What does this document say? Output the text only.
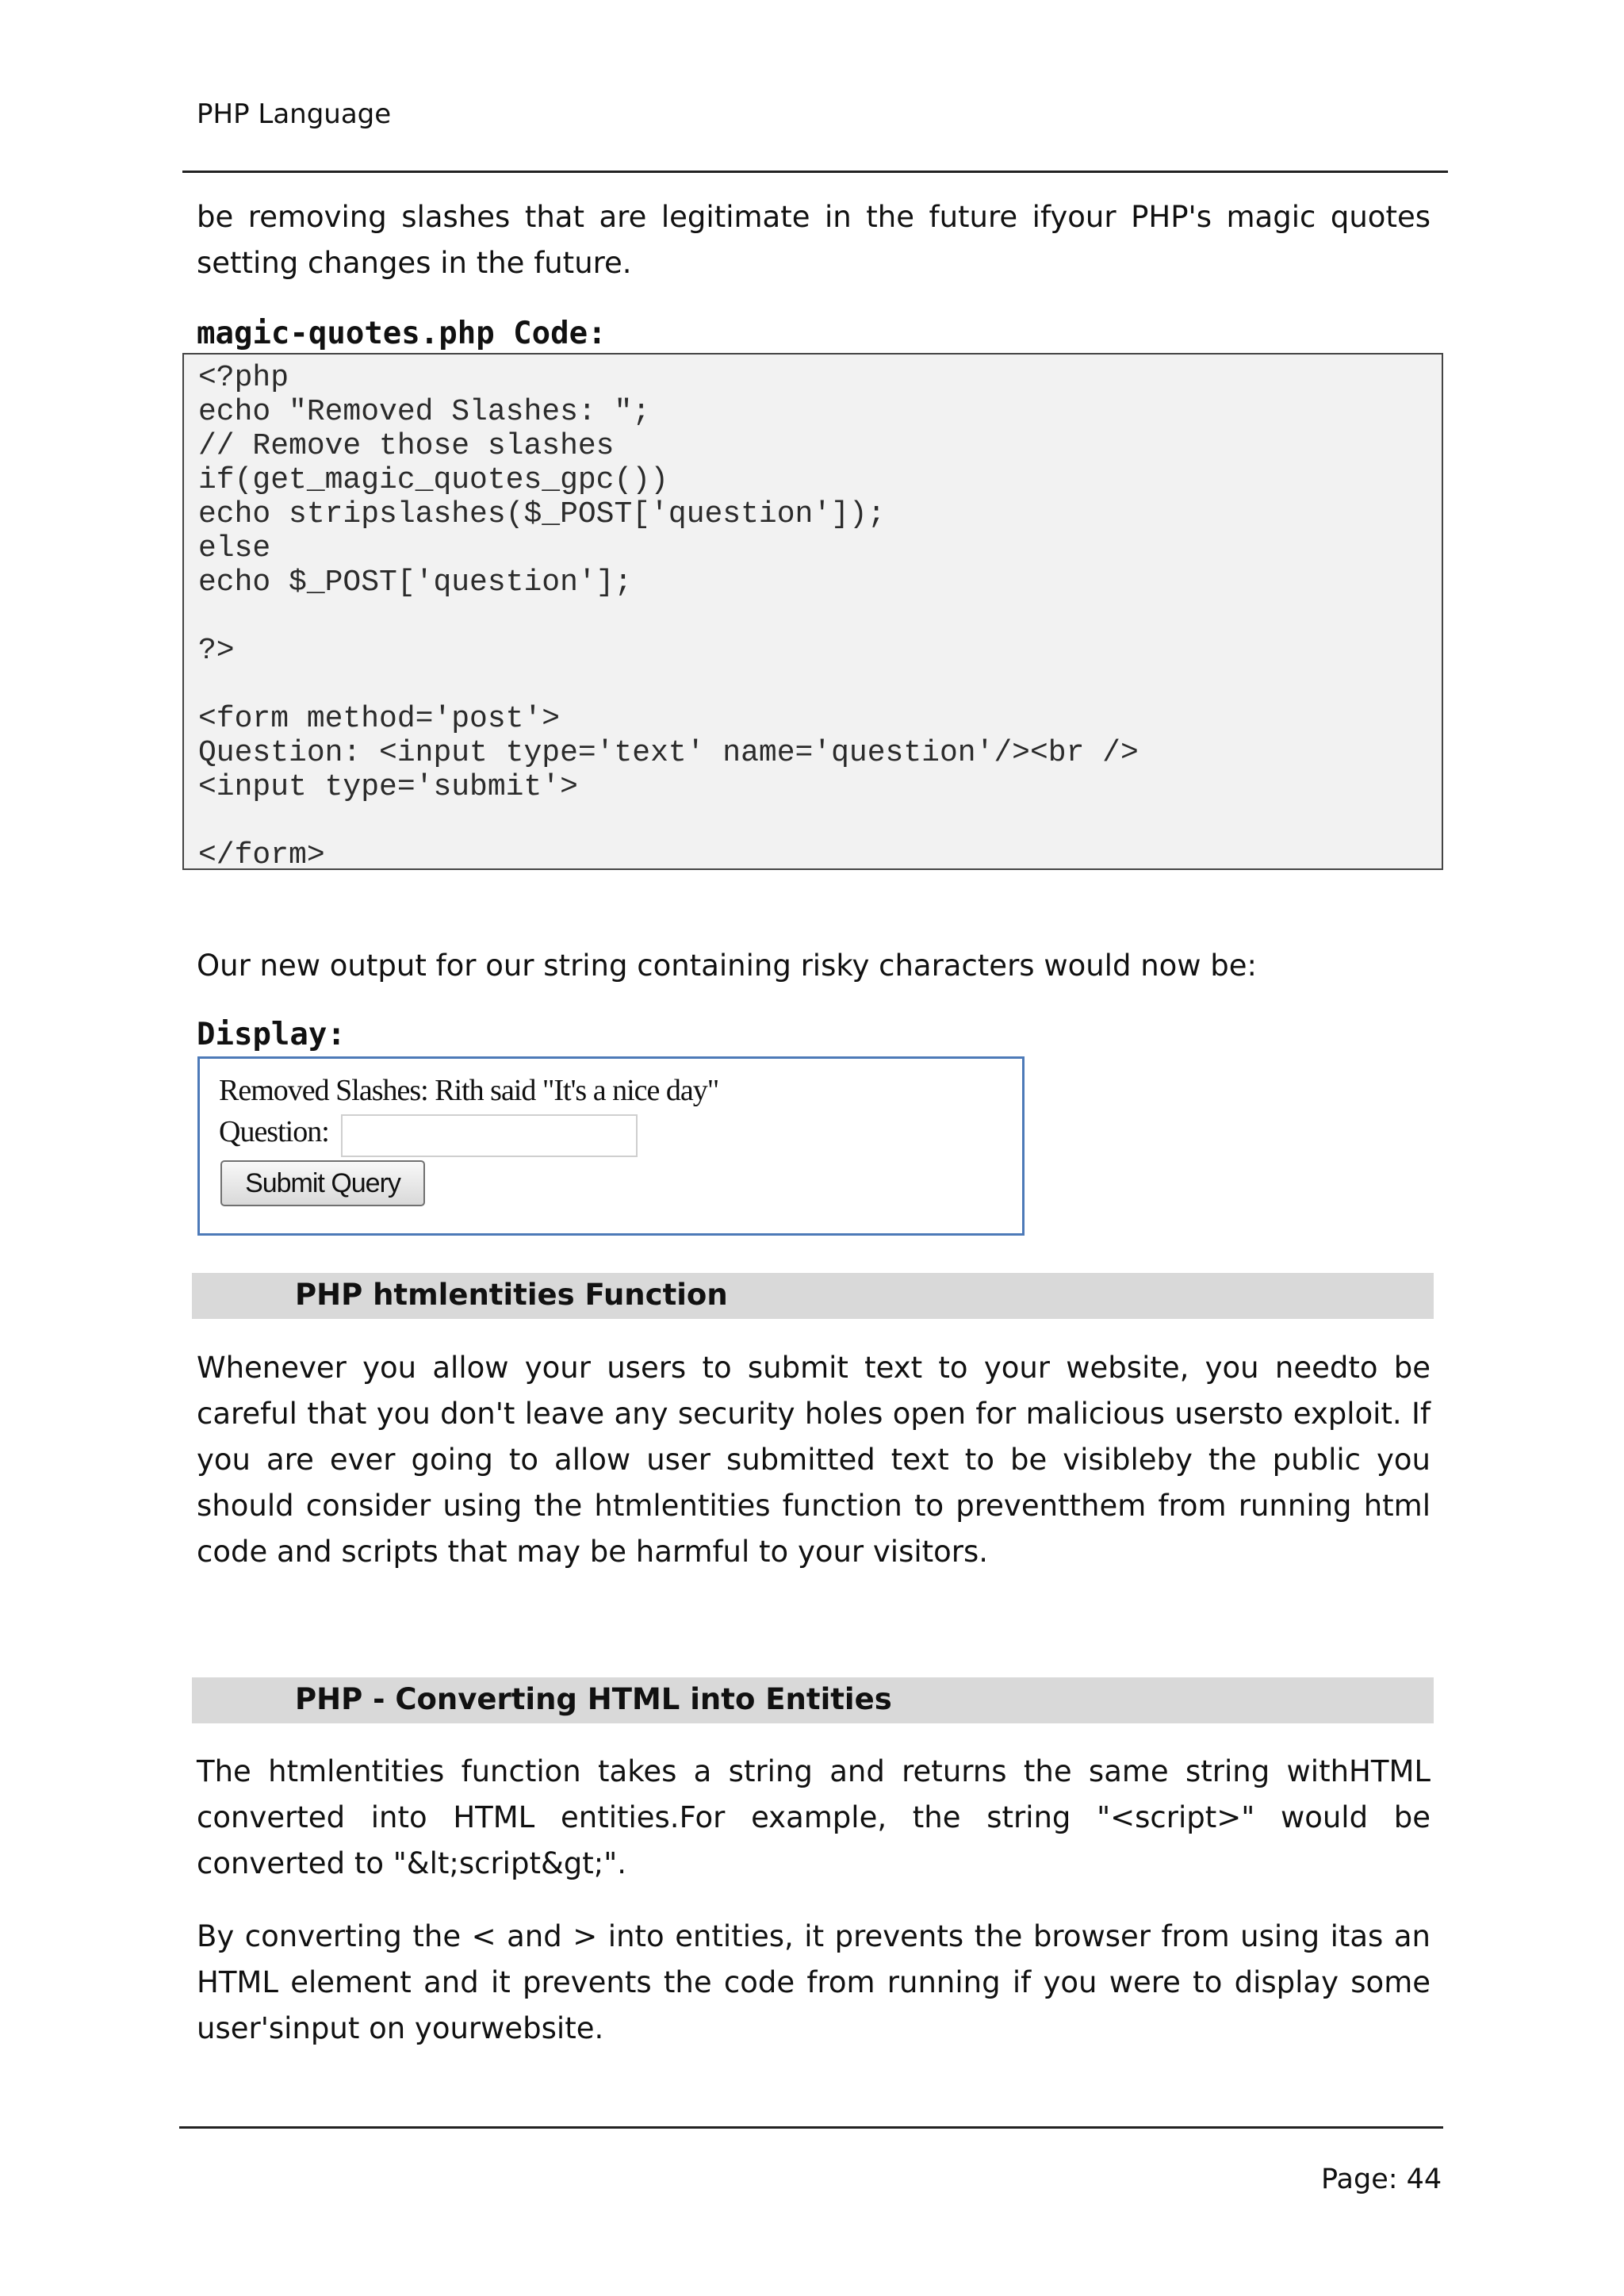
PHP Language

be removing slashes that are legitimate in the future ifyour PHP's magic quotes setting changes in the future.

magic-quotes.php Code:
<?php
echo "Removed Slashes: ";
// Remove those slashes
if(get_magic_quotes_gpc())
echo stripslashes($_POST['question']);
else
echo $_POST['question'];
?>
<form method='post'>
Question: <input type='text' name='question'/><br />
<input type='submit'>
</form>

Our new output for our string containing risky characters would now be:

Display:
Removed Slashes: Rith said "It's a nice day"
Question:
Submit Query
PHP htmlentities Function

Whenever you allow your users to submit text to your website, you needto be careful that you don't leave any security holes open for malicious usersto exploit. If you are ever going to allow user submitted text to be visibleby the public you should consider using the htmlentities function to preventthem from running html code and scripts that may be harmful to your visitors.

PHP - Converting HTML into Entities

The htmlentities function takes a string and returns the same string withHTML converted into HTML entities.For example, the string "<script>" would be converted to "&lt;script&gt;".

By converting the < and > into entities, it prevents the browser from using itas an HTML element and it prevents the code from running if you were to display some user'sinput on yourwebsite.

Page: 44
